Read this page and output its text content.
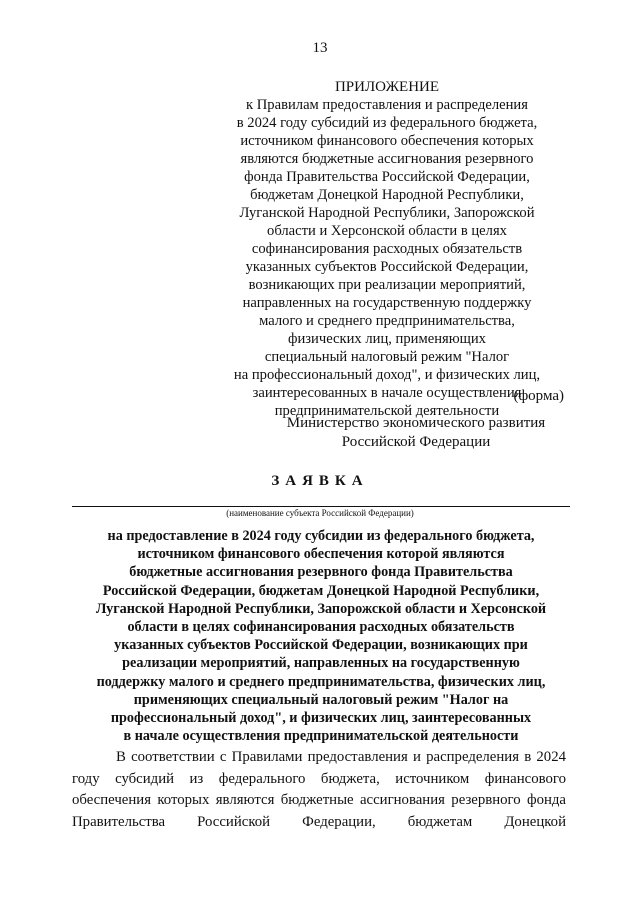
13
ПРИЛОЖЕНИЕ
к Правилам предоставления и распределения
в 2024 году субсидий из федерального бюджета,
источником финансового обеспечения которых
являются бюджетные ассигнования резервного
фонда Правительства Российской Федерации,
бюджетам Донецкой Народной Республики,
Луганской Народной Республики, Запорожской
области и Херсонской области в целях
софинансирования расходных обязательств
указанных субъектов Российской Федерации,
возникающих при реализации мероприятий,
направленных на государственную поддержку
малого и среднего предпринимательства,
физических лиц, применяющих
специальный налоговый режим "Налог
на профессиональный доход", и физических лиц,
заинтересованных в начале осуществления
предпринимательской деятельности
(форма)
Министерство экономического развития
Российской Федерации
ЗАЯВКА
(наименование субъекта Российской Федерации)
на предоставление в 2024 году субсидии из федерального бюджета,
источником финансового обеспечения которой являются
бюджетные ассигнования резервного фонда Правительства
Российской Федерации, бюджетам Донецкой Народной Республики,
Луганской Народной Республики, Запорожской области и Херсонской
области в целях софинансирования расходных обязательств
указанных субъектов Российской Федерации, возникающих при
реализации мероприятий, направленных на государственную
поддержку малого и среднего предпринимательства, физических лиц,
применяющих специальный налоговый режим "Налог на
профессиональный доход", и физических лиц, заинтересованных
в начале осуществления предпринимательской деятельности
В соответствии с Правилами предоставления и распределения в 2024 году субсидий из федерального бюджета, источником финансового обеспечения которых являются бюджетные ассигнования резервного фонда Правительства Российской Федерации, бюджетам Донецкой
